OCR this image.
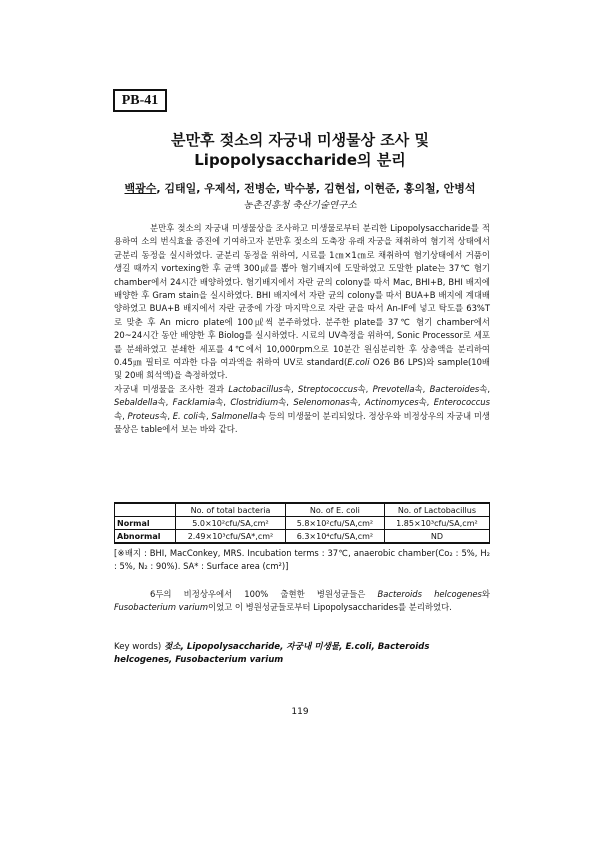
PB-41
분만후 젖소의 자궁내 미생물상 조사 및
Lipopolysaccharide의 분리
백광수, 김태일, 우제석, 전병순, 박수봉, 김현섭, 이현준, 홍의철, 안병석
농촌진흥청 축산기술연구소

분만후 젖소의 자궁내 미생물상을 조사하고 미생물로부터 분리한 Lipopolysaccharide를 적용하여 소의 번식효율 증진에 기여하고자 분만후 젖소의 도축장 유래 자궁을 채취하여 혐기적 상태에서 균분리 동정을 실시하였다. 균분리 동정을 위하여, 시료를 1㎝×1㎝로 채취하여 혐기상태에서 거품이 생길 때까지 vortexing한 후 균액 300㎕를 뽑아 혐기배지에 도말하였고 도말한 plate는 37℃ 혐기chamber에서 24시간 배양하였다. 혐기배지에서 자란 균의 colony를 따서 Mac, BHI+B, BHI 배지에 배양한 후 Gram stain을 실시하였다. BHI 배지에서 자란 균의 colony를 따서 BUA+B 배지에 계대배양하였고 BUA+B 배지에서 자란 균중에 가장 마지막으로 자란 균을 따서 An-IF에 넣고 탁도를 63%T로 맞춘 후 An micro plate에 100㎕씩 분주하였다. 분주한 plate를 37℃ 혐기 chamber에서 20~24시간 동안 배양한 후 Biolog를 실시하였다. 시료의 UV측정을 위하여, Sonic Processor로 세포를 분쇄하였고 분쇄한 세포를 4℃에서 10,000rpm으로 10분간 원심분리한 후 상층액을 분리하여 0.45㎛ 필터로 여과한 다음 여과액을 취하여 UV로 standard(E.coli O26 B6 LPS)와 sample(10배 및 20배 희석액)을 측정하였다.

자궁내 미생물을 조사한 결과 Lactobacillus속, Streptococcus속, Prevotella속, Bacteroides속, Sebaldella속, Facklamia속, Clostridium속, Selenomonas속, Actinomyces속, Enterococcus속, Proteus속, E. coli속, Salmonella속 등의 미생물이 분리되었다. 정상우와 비정상우의 자궁내 미생물상은 table에서 보는 바와 같다.

	No. of total bacteria	No. of E. coli	No. of Lactobacillus
Normal	5.0×10²cfu/SA,cm²	5.8×10²cfu/SA,cm²	1.85×10³cfu/SA,cm²
Abnormal	2.49×10³cfu/SA*,cm²	6.3×10⁴cfu/SA,cm²	ND
[※배지 : BHI, MacConkey, MRS. Incubation terms : 37℃, anaerobic chamber(Co₂ : 5%, H₂ : 5%, N₂ : 90%). SA* : Surface area (cm²)]
6두의 비정상우에서 100% 출현한 병원성균들은 Bacteroids helcogenes와 Fusobacterium varium이었고 이 병원성균들로부터 Lipopolysaccharides를 분리하였다.
Key words) 젖소, Lipopolysaccharide, 자궁내 미생물, E.coli, Bacteroids helcogenes, Fusobacterium varium
119
